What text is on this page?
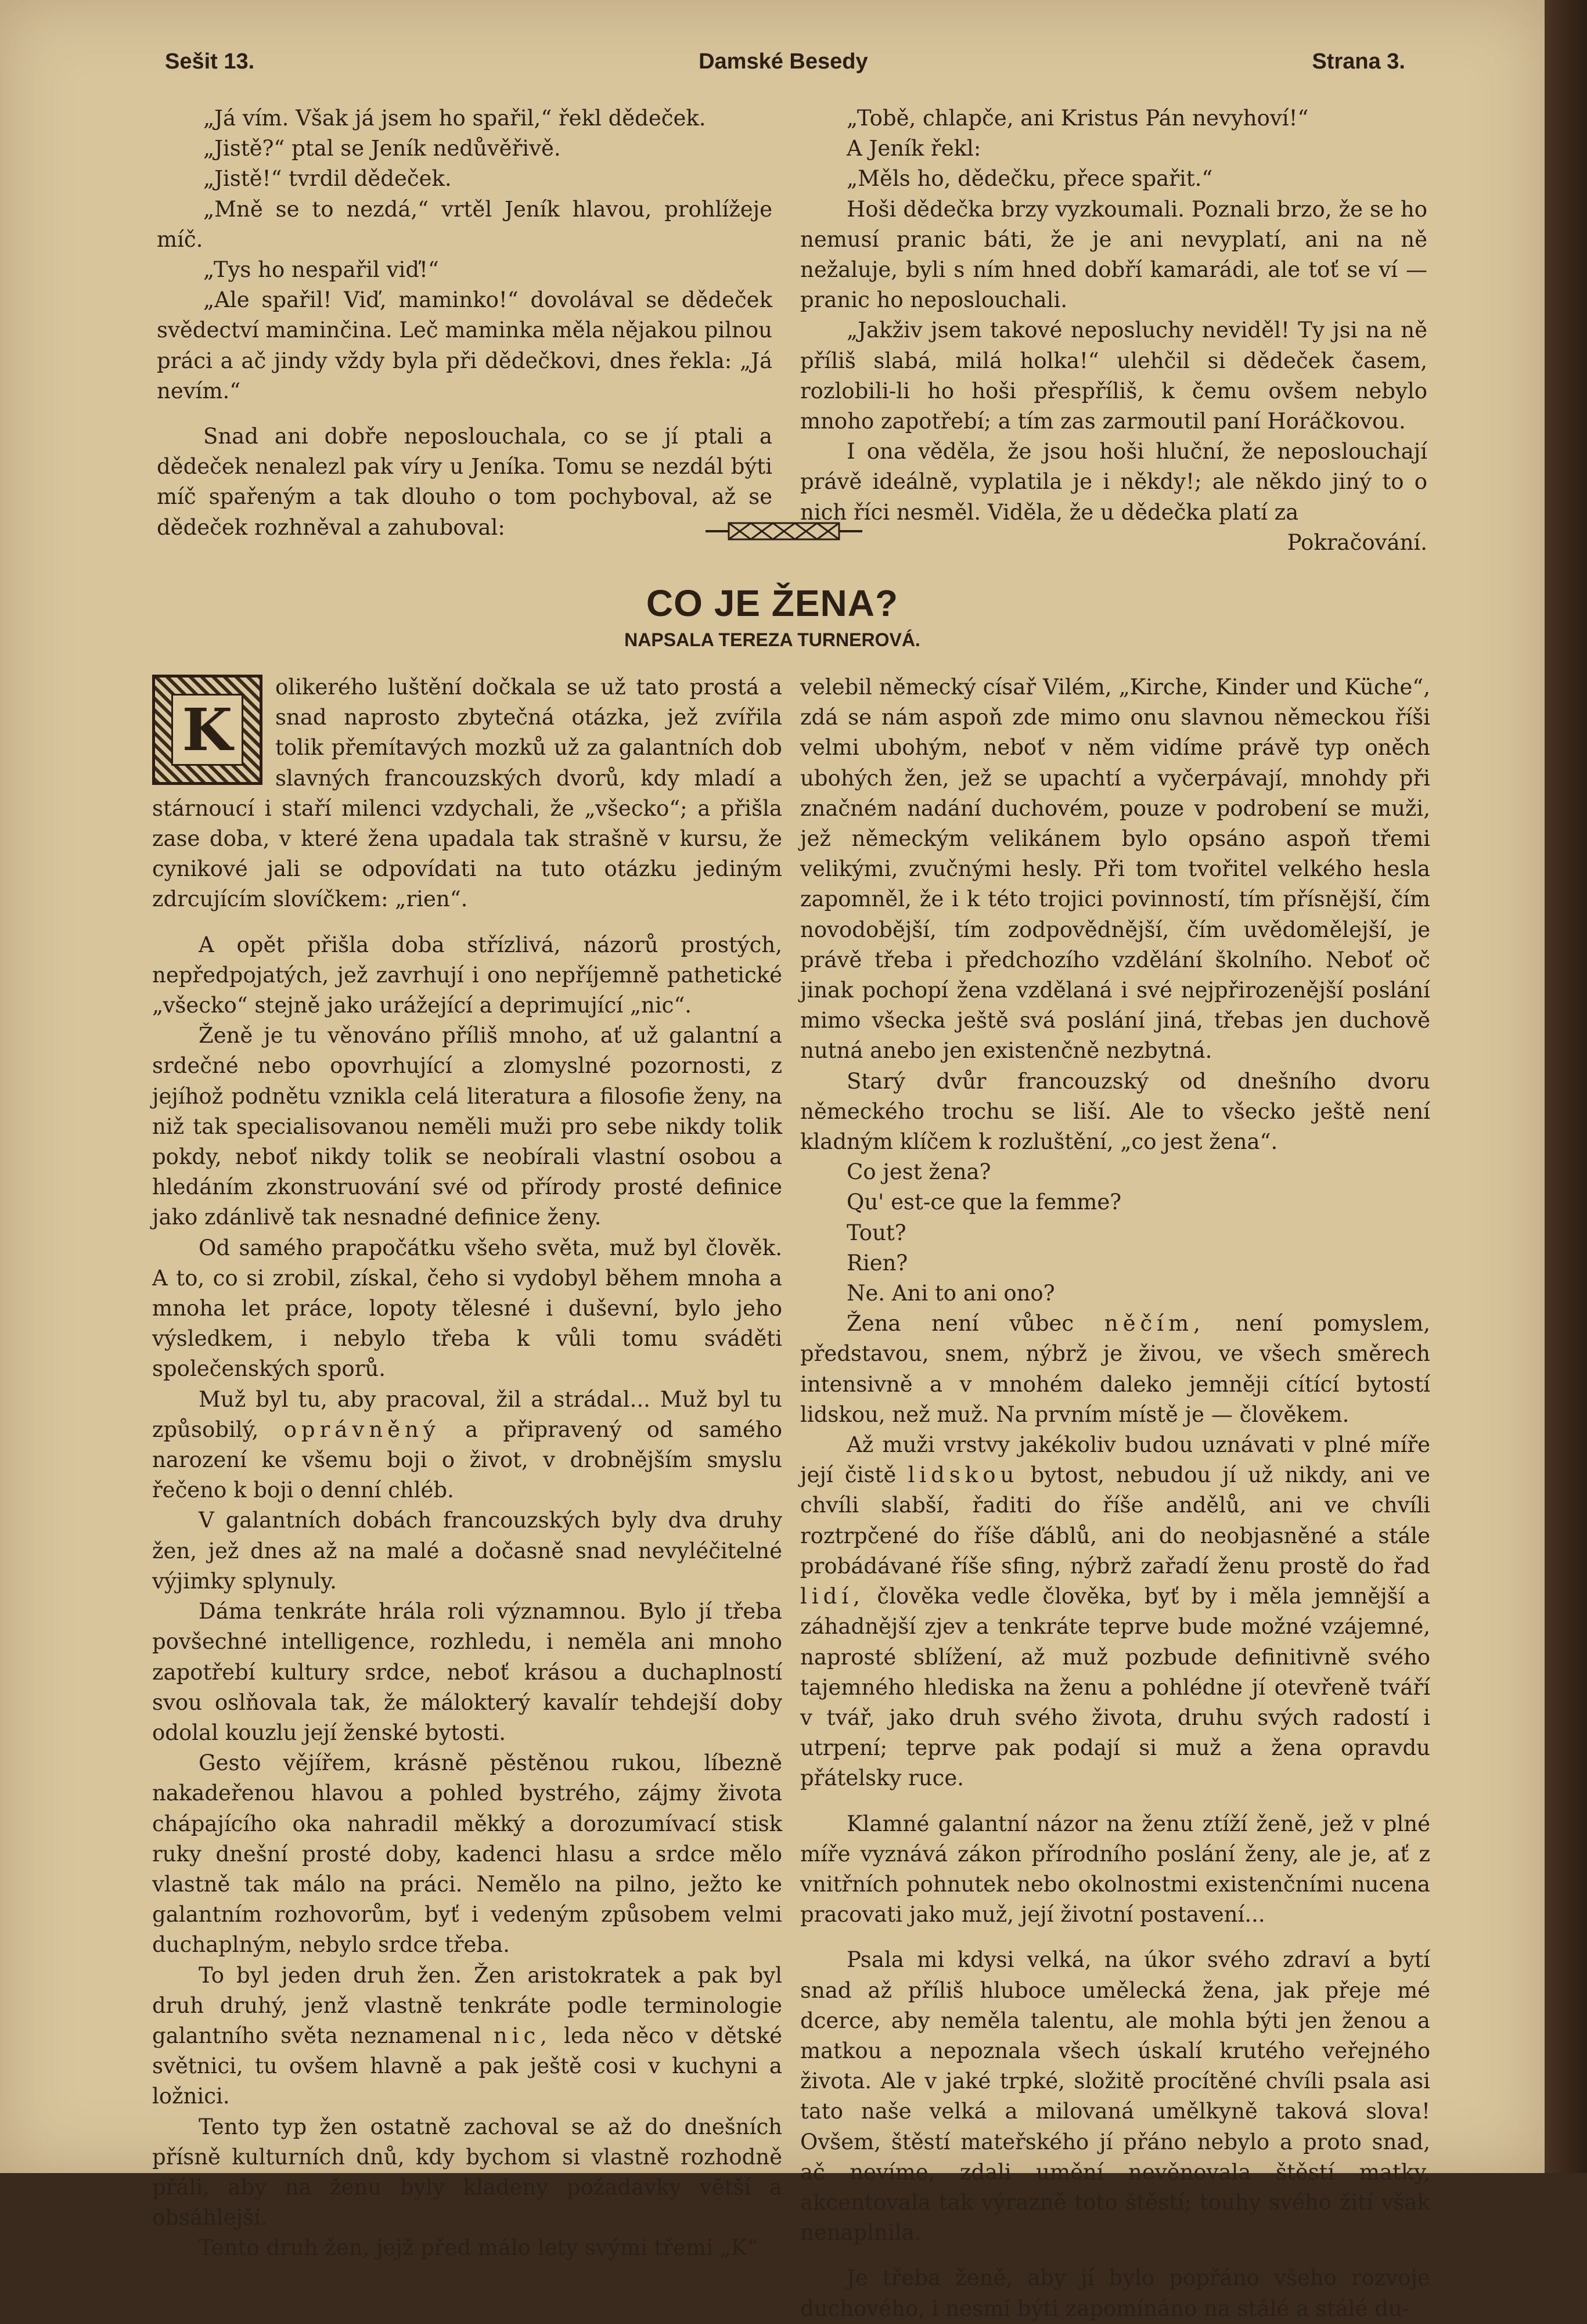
Sešit 13.	Damské Besedy	Strana 3.

„Já vím. Však já jsem ho spařil,“ řekl dědeček.

„Jistě?“ ptal se Jeník nedůvěřivě.

„Jistě!“ tvrdil dědeček.

„Mně se to nezdá,“ vrtěl Jeník hlavou, prohlížeje míč.

„Tys ho nespařil viď!“

„Ale spařil! Viď, maminko!“ dovolával se dědeček svědectví maminčina. Leč maminka měla nějakou pilnou práci a ač jindy vždy byla při dědečkovi, dnes řekla: „Já nevím.“

Snad ani dobře neposlouchala, co se jí ptali a dědeček nenalezl pak víry u Jeníka. Tomu se nezdál býti míč spařeným a tak dlouho o tom pochyboval, až se dědeček rozhněval a zahuboval:

„Tobě, chlapče, ani Kristus Pán nevyhoví!“

A Jeník řekl:

„Měls ho, dědečku, přece spařit.“

Hoši dědečka brzy vyzkoumali. Poznali brzo, že se ho nemusí pranic báti, že je ani nevyplatí, ani na ně nežaluje, byli s ním hned dobří kamarádi, ale toť se ví — pranic ho neposlouchali.

„Jakživ jsem takové neposluchy neviděl! Ty jsi na ně příliš slabá, milá holka!“ ulehčil si dědeček časem, rozlobili-li ho hoši přespříliš, k čemu ovšem nebylo mnoho zapotřebí; a tím zas zarmoutil paní Horáčkovou.

I ona věděla, že jsou hoši hluční, že neposlouchají právě ideálně, vyplatila je i někdy!; ale někdo jiný to o nich říci nesměl. Viděla, že u dědečka platí za

Pokračování.

CO JE ŽENA?
NAPSALA TEREZA TURNEROVÁ.

K
olikerého luštění dočkala se už tato prostá a snad naprosto zbytečná otázka, jež zvířila tolik přemítavých mozků už za galantních dob slavných francouzských dvorů, kdy mladí a stárnoucí i staří milenci vzdychali, že „všecko“; a přišla zase doba, v které žena upadala tak strašně v kursu, že cynikové jali se odpovídati na tuto otázku jediným zdrcujícím slovíčkem: „rien“.

A opět přišla doba střízlivá, názorů prostých, nepředpojatých, jež zavrhují i ono nepříjemně pathetické „všecko“ stejně jako urážející a deprimující „nic“.

Ženě je tu věnováno příliš mnoho, ať už galantní a srdečné nebo opovrhující a zlomyslné pozornosti, z jejíhož podnětu vznikla celá literatura a filosofie ženy, na niž tak specialisovanou neměli muži pro sebe nikdy tolik pokdy, neboť nikdy tolik se neobírali vlastní osobou a hledáním zkonstruování své od přírody prosté definice jako zdánlivě tak nesnadné definice ženy.

Od samého prapočátku všeho světa, muž byl člověk. A to, co si zrobil, získal, čeho si vydobyl během mnoha a mnoha let práce, lopoty tělesné i duševní, bylo jeho výsledkem, i nebylo třeba k vůli tomu sváděti společenských sporů.

Muž byl tu, aby pracoval, žil a strádal... Muž byl tu způsobilý, oprávněný a připravený od samého narození ke všemu boji o život, v drobnějším smyslu řečeno k boji o denní chléb.

V galantních dobách francouzských byly dva druhy žen, jež dnes až na malé a dočasně snad nevyléčitelné výjimky splynuly.

Dáma tenkráte hrála roli významnou. Bylo jí třeba povšechné intelligence, rozhledu, i neměla ani mnoho zapotřebí kultury srdce, neboť krásou a duchaplností svou oslňovala tak, že málokterý kavalír tehdejší doby odolal kouzlu její ženské bytosti.

Gesto vějířem, krásně pěstěnou rukou, líbezně nakadeřenou hlavou a pohled bystrého, zájmy života chápajícího oka nahradil měkký a dorozumívací stisk ruky dnešní prosté doby, kadenci hlasu a srdce mělo vlastně tak málo na práci. Nemělo na pilno, ježto ke galantním rozhovorům, byť i vedeným způsobem velmi duchaplným, nebylo srdce třeba.

To byl jeden druh žen. Žen aristokratek a pak byl druh druhý, jenž vlastně tenkráte podle terminologie galantního světa neznamenal nic, leda něco v dětské světnici, tu ovšem hlavně a pak ještě cosi v kuchyni a ložnici.

Tento typ žen ostatně zachoval se až do dnešních přísně kulturních dnů, kdy bychom si vlastně rozhodně přáli, aby na ženu byly kladeny požadavky větší a obsáhlejší.

Tento druh žen, jejž před málo lety svými třemi „K“

velebil německý císař Vilém, „Kirche, Kinder und Küche“, zdá se nám aspoň zde mimo onu slavnou německou říši velmi ubohým, neboť v něm vidíme právě typ oněch ubohých žen, jež se upachtí a vyčerpávají, mnohdy při značném nadání duchovém, pouze v podrobení se muži, jež německým velikánem bylo opsáno aspoň třemi velikými, zvučnými hesly. Při tom tvořitel velkého hesla zapomněl, že i k této trojici povinností, tím přísnější, čím novodobější, tím zodpovědnější, čím uvědomělejší, je právě třeba i předchozího vzdělání školního. Neboť oč jinak pochopí žena vzdělaná i své nejpřirozenější poslání mimo všecka ještě svá poslání jiná, třebas jen duchově nutná anebo jen existenčně nezbytná.

Starý dvůr francouzský od dnešního dvoru německého trochu se liší. Ale to všecko ještě není kladným klíčem k rozluštění, „co jest žena“.

Co jest žena?

Qu' est-ce que la femme?

Tout?

Rien?

Ne. Ani to ani ono?

Žena není vůbec něčím, není pomyslem, představou, snem, nýbrž je živou, ve všech směrech intensivně a v mnohém daleko jemněji cítící bytostí lidskou, než muž. Na prvním místě je — člověkem.

Až muži vrstvy jakékoliv budou uznávati v plné míře její čistě lidskou bytost, nebudou jí už nikdy, ani ve chvíli slabší, řaditi do říše andělů, ani ve chvíli roztrpčené do říše ďáblů, ani do neobjasněné a stále probádávané říše sfing, nýbrž zařadí ženu prostě do řad lidí, člověka vedle člověka, byť by i měla jemnější a záhadnější zjev a tenkráte teprve bude možné vzájemné, naprosté sblížení, až muž pozbude definitivně svého tajemného hlediska na ženu a pohlédne jí otevřeně tváří v tvář, jako druh svého života, druhu svých radostí i utrpení; teprve pak podají si muž a žena opravdu přátelsky ruce.

Klamné galantní názor na ženu ztíží ženě, jež v plné míře vyznává zákon přírodního poslání ženy, ale je, ať z vnitřních pohnutek nebo okolnostmi existenčními nucena pracovati jako muž, její životní postavení...

Psala mi kdysi velká, na úkor svého zdraví a bytí snad až příliš hluboce umělecká žena, jak přeje mé dcerce, aby neměla talentu, ale mohla býti jen ženou a matkou a nepoznala všech úskalí krutého veřejného života. Ale v jaké trpké, složitě procítěné chvíli psala asi tato naše velká a milovaná umělkyně taková slova! Ovšem, štěstí mateřského jí přáno nebylo a proto snad, ač nevíme, zdali umění nevěnovala štěstí matky, akcentovala tak výrazně toto štěstí; touhy svého žití však nenaplnila.

Je třeba ženě, aby jí bylo popřáno všeho rozvoje duchového, i nesmí býti zapomínáno na stálé a stálé du-
